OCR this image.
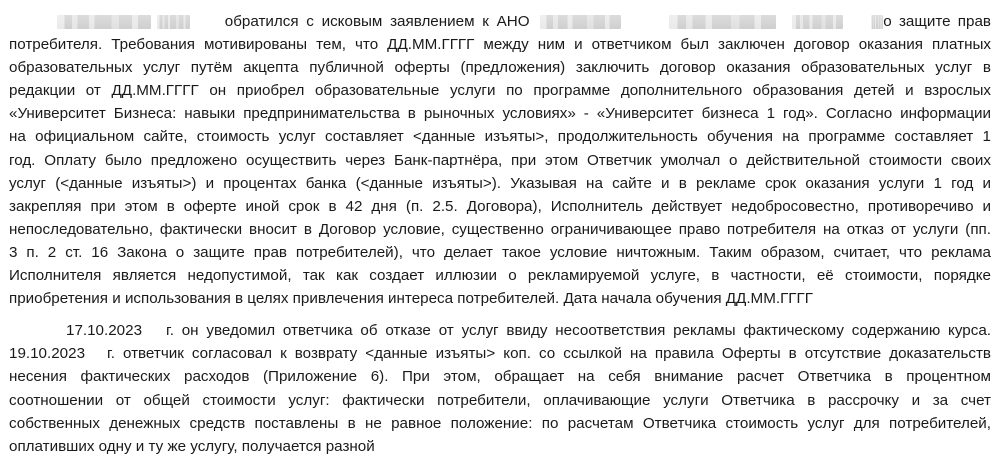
обратился с исковым заявлением к АНО	о защите прав
потребителя. Требования мотивированы тем, что ДД.ММ.ГГГГ между ним и ответчиком был заключен договор оказания платных
образовательных услуг путём акцепта публичной оферты (предложения) заключить договор оказания образовательных услуг в
редакции от ДД.ММ.ГГГГ он приобрел образовательные услуги по программе дополнительного образования детей и взрослых
«Университет Бизнеса: навыки предпринимательства в рыночных условиях» - «Университет бизнеса 1 год». Согласно информации
на официальном сайте, стоимость услуг составляет <данные изъяты>, продолжительность обучения на программе составляет 1
год. Оплату было предложено осуществить через Банк-партнёра, при этом Ответчик умолчал о действительной стоимости своих
услуг (<данные изъяты>) и процентах банка (<данные изъяты>). Указывая на сайте и в рекламе срок оказания услуги 1 год и
закрепляя при этом в оферте иной срок в 42 дня (п. 2.5. Договора), Исполнитель действует недобросовестно, противоречиво и
непоследовательно, фактически вносит в Договор условие, существенно ограничивающее право потребителя на отказ от услуги (пп.
3 п. 2 ст. 16 Закона о защите прав потребителей), что делает такое условие ничтожным. Таким образом, считает, что реклама
Исполнителя является недопустимой, так как создает иллюзии о рекламируемой услуге, в частности, её стоимости, порядке
приобретения и использования в целях привлечения интереса потребителей. Дата начала обучения ДД.ММ.ГГГГ
17.10.2023 г. он уведомил ответчика об отказе от услуг ввиду несоответствия рекламы фактическому содержанию курса.
19.10.2023 г. ответчик согласовал к возврату <данные изъяты> коп. со ссылкой на правила Оферты в отсутствие доказательств
несения фактических расходов (Приложение 6). При этом, обращает на себя внимание расчет Ответчика в процентном
соотношении от общей стоимости услуг: фактически потребители, оплачивающие услуги Ответчика в рассрочку и за счет
собственных денежных средств поставлены в не равное положение: по расчетам Ответчика стоимость услуг для потребителей,
оплативших одну и ту же услугу, получается разной
